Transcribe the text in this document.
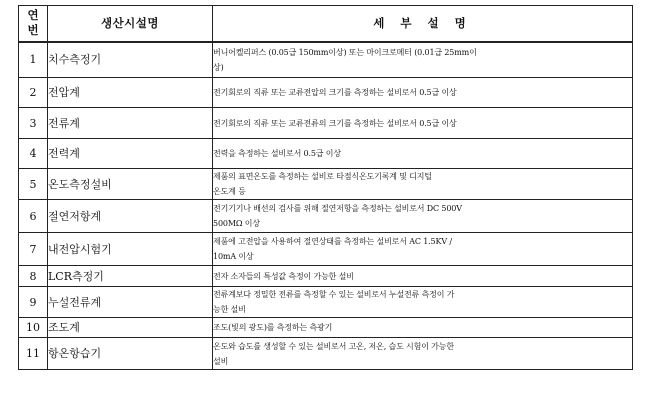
연
번	생산시설명	세 부 설 명
1	치수측정기	버니어켈리퍼스 (0.05급 150mm이상) 또는 마이크로메터 (0.01급 25mm이
상)

2	전압계	전기회로의 직류 또는 교류전압의 크기를 측정하는 설비로서 0.5급 이상

3	전류계	전기회로의 직류 또는 교류전류의 크기를 측정하는 설비로서 0.5급 이상

4	전력계	전력을 측정하는 설비로서 0.5급 이상

5	온도측정설비	제품의 표면온도를 측정하는 설비로 타점식온도기록계 및 디지털
온도계 등

6	절연저항계	전기기기나 배선의 검사를 위해 절연저항을 측정하는 설비로서 DC 500V
500MΩ 이상

7	내전압시험기	제품에 고전압을 사용하여 절연상태를 측정하는 설비로서 AC 1.5KV /
10mA 이상

8	LCR측정기	전자 소자들의 특성값 측정이 가능한 설비

9	누설전류계	전류계보다 정밀한 전류를 측정할 수 있는 설비로서 누설전류 측정이 가
능한 설비

10	조도계	조도(빛의 광도)를 측정하는 측광기

11	항온항습기	온도와 습도를 생성할 수 있는 설비로서 고온, 저온, 습도 시험이 가능한
설비
